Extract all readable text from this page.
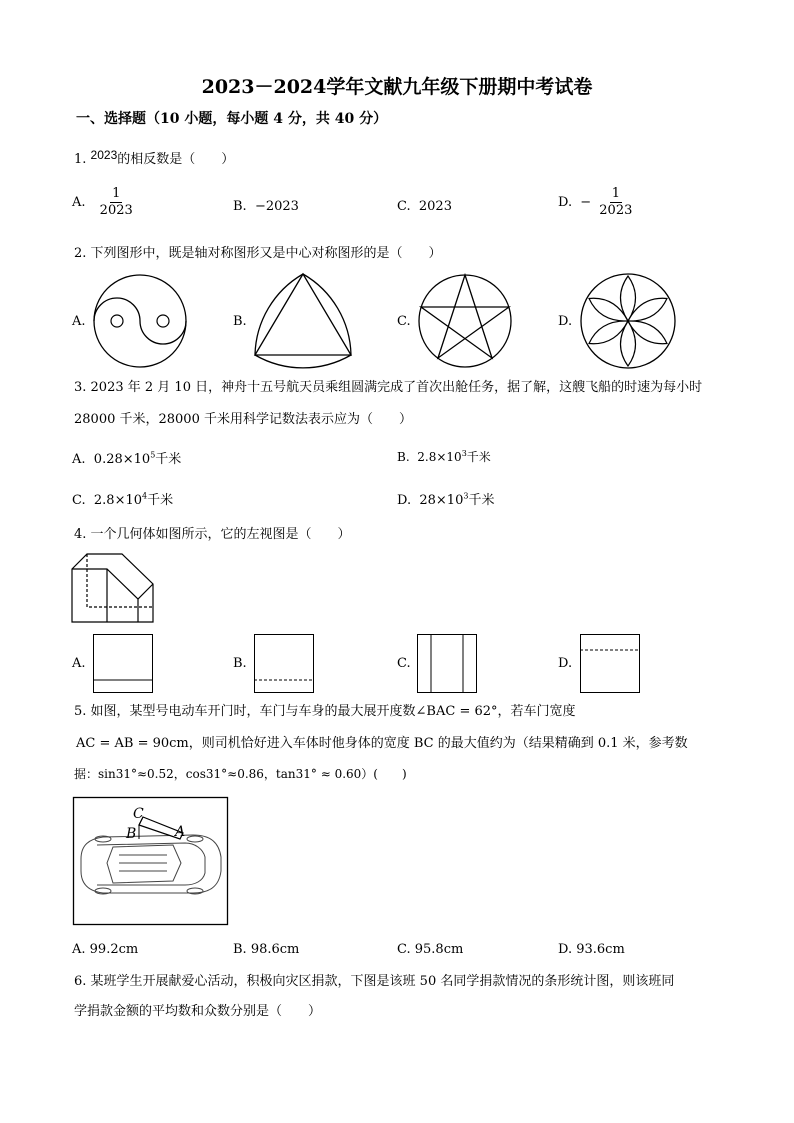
2023－2024学年文献九年级下册期中考试卷
一、选择题（10 小题，每小题 4 分，共 40 分）
1. 2023的相反数是（　　）
A. $\frac{1}{2023}$	B. −2023	C. 2023	D. − $\frac{1}{2023}$
2. 下列图形中，既是轴对称图形又是中心对称图形的是（　　）
A.	B.	C.	D.
3. 2023 年 2 月 10 日，神舟十五号航天员乘组圆满完成了首次出舱任务，据了解，这艘飞船的时速为每小时
28000 千米，28000 千米用科学记数法表示应为（　　）
A. $0.28\times 10^5$千米	B. $2.8\times 10^3$千米
C. $2.8\times 10^4$千米	D. $28\times 10^3$千米
4. 一个几何体如图所示，它的左视图是（　　）
A.	B.	C.	D.
5. 如图，某型号电动车开门时，车门与车身的最大展开度数∠BAC = 62°，若车门宽度
AC = AB = 90cm，则司机恰好进入车体时他身体的宽度 BC 的最大值约为（结果精确到 0.1 米，参考数
据：sin31°≈0.52，cos31°≈0.86，tan31° ≈ 0.60）(　　)
C
B	A
A. 99.2cm	B. 98.6cm	C. 95.8cm	D. 93.6cm
6. 某班学生开展献爱心活动，积极向灾区捐款，下图是该班 50 名同学捐款情况的条形统计图，则该班同
学捐款金额的平均数和众数分别是（　　）
